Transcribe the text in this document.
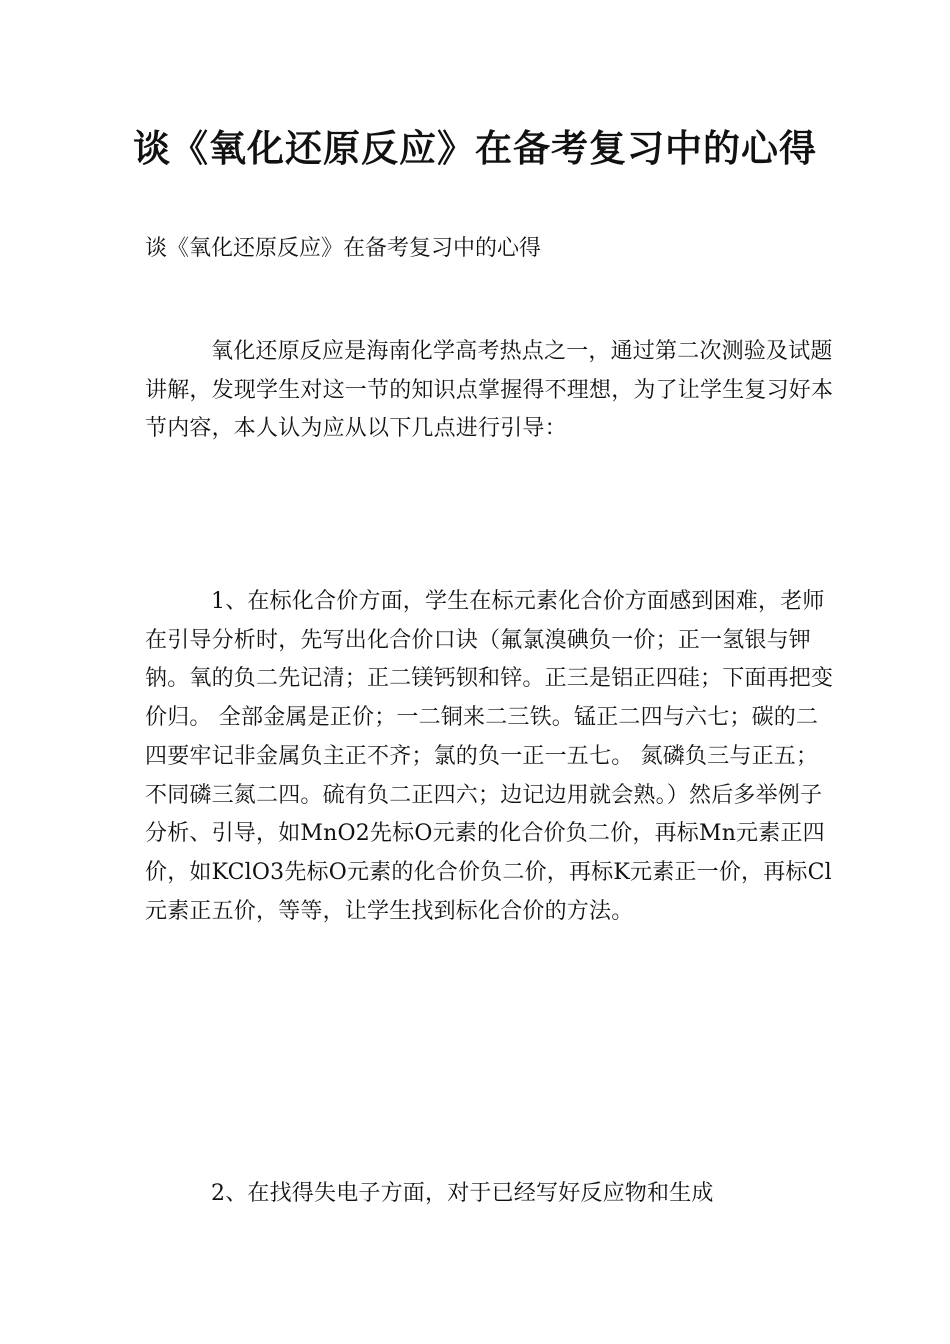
谈《氧化还原反应》在备考复习中的心得

谈《氧化还原反应》在备考复习中的心得

氧化还原反应是海南化学高考热点之一，通过第二次测验及试题讲解，发现学生对这一节的知识点掌握得不理想，为了让学生复习好本节内容，本人认为应从以下几点进行引导：

1、在标化合价方面，学生在标元素化合价方面感到困难，老师在引导分析时，先写出化合价口诀（氟氯溴碘负一价；正一氢银与钾钠。氧的负二先记清；正二镁钙钡和锌。正三是铝正四硅；下面再把变价归。 全部金属是正价；一二铜来二三铁。锰正二四与六七；碳的二四要牢记非金属负主正不齐；氯的负一正一五七。 氮磷负三与正五；不同磷三氮二四。硫有负二正四六；边记边用就会熟。）然后多举例子分析、引导，如MnO2先标O元素的化合价负二价，再标Mn元素正四价，如KClO3先标O元素的化合价负二价，再标K元素正一价，再标Cl元素正五价，等等，让学生找到标化合价的方法。

2、在找得失电子方面，对于已经写好反应物和生成
